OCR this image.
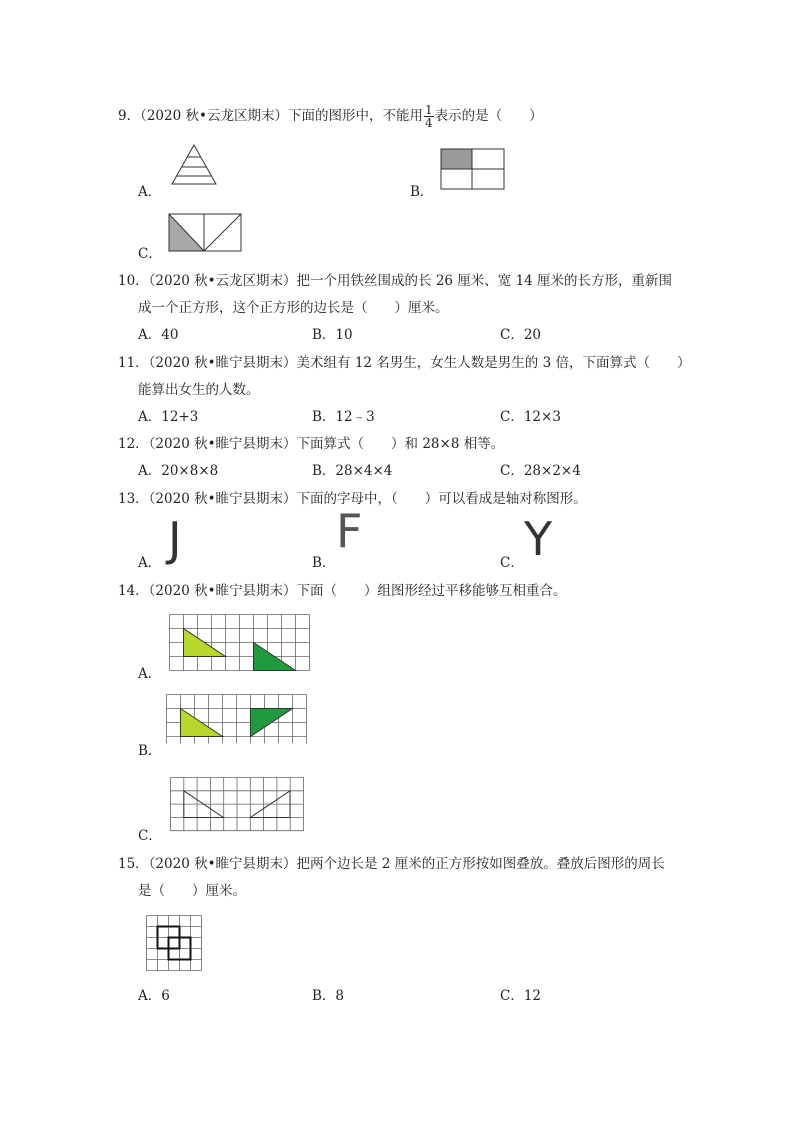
9．（2020 秋•云龙区期末）下面的图形中，不能用 $\frac{1}{4}$ 表示的是（　　）
A．	B．
C．
10．（2020 秋•云龙区期末）把一个用铁丝围成的长 26 厘米、宽 14 厘米的长方形，重新围
成一个正方形，这个正方形的边长是（　　）厘米。
A．40	B．10	C．20
11．（2020 秋•睢宁县期末）美术组有 12 名男生，女生人数是男生的 3 倍，下面算式（　　）
能算出女生的人数。
A．12+3	B．12﹣3	C．12×3
12．（2020 秋•睢宁县期末）下面算式（　　）和 28×8 相等。
A．20×8×8	B．28×4×4	C．28×2×4
13．（2020 秋•睢宁县期末）下面的字母中，（　　）可以看成是轴对称图形。
A． J	B．
F
C． Y
14．（2020 秋•睢宁县期末）下面（　　）组图形经过平移能够互相重合。
A．
B．
C．
15．（2020 秋•睢宁县期末）把两个边长是 2 厘米的正方形按如图叠放。叠放后图形的周长
是（　　）厘米。
A．6	B．8	C．12
